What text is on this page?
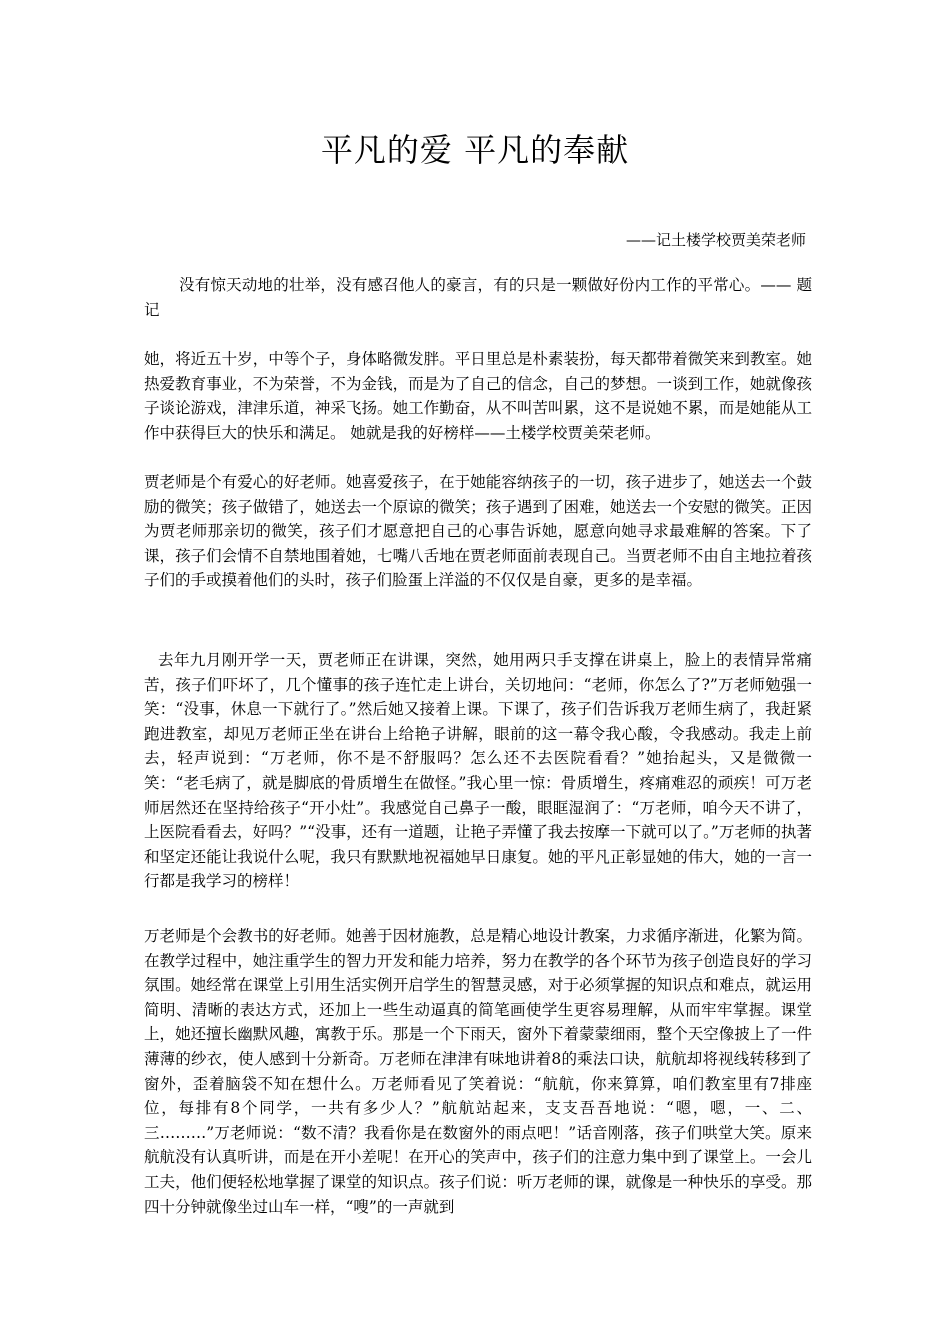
平凡的爱 平凡的奉献

——记土楼学校贾美荣老师

没有惊天动地的壮举，没有感召他人的豪言，有的只是一颗做好份内工作的平常心。—— 题记

她，将近五十岁，中等个子，身体略微发胖。平日里总是朴素装扮，每天都带着微笑来到教室。她热爱教育事业，不为荣誉，不为金钱，而是为了自己的信念，自己的梦想。一谈到工作，她就像孩子谈论游戏，津津乐道，神采飞扬。她工作勤奋，从不叫苦叫累，这不是说她不累，而是她能从工作中获得巨大的快乐和满足。 她就是我的好榜样——土楼学校贾美荣老师。

贾老师是个有爱心的好老师。她喜爱孩子，在于她能容纳孩子的一切，孩子进步了，她送去一个鼓励的微笑；孩子做错了，她送去一个原谅的微笑；孩子遇到了困难，她送去一个安慰的微笑。正因为贾老师那亲切的微笑，孩子们才愿意把自己的心事告诉她，愿意向她寻求最难解的答案。下了课，孩子们会情不自禁地围着她，七嘴八舌地在贾老师面前表现自己。当贾老师不由自主地拉着孩子们的手或摸着他们的头时，孩子们脸蛋上洋溢的不仅仅是自豪，更多的是幸福。

去年九月刚开学一天，贾老师正在讲课，突然，她用两只手支撑在讲桌上，脸上的表情异常痛苦，孩子们吓坏了，几个懂事的孩子连忙走上讲台，关切地问：“老师，你怎么了?”万老师勉强一笑：“没事，休息一下就行了。”然后她又接着上课。下课了，孩子们告诉我万老师生病了，我赶紧跑进教室，却见万老师正坐在讲台上给艳子讲解，眼前的这一幕令我心酸，令我感动。我走上前去，轻声说到：“万老师，你不是不舒服吗？怎么还不去医院看看？”她抬起头，又是微微一笑：“老毛病了，就是脚底的骨质增生在做怪。”我心里一惊：骨质增生，疼痛难忍的顽疾！可万老师居然还在坚持给孩子“开小灶”。我感觉自己鼻子一酸，眼眶湿润了：“万老师，咱今天不讲了，上医院看看去，好吗？”“没事，还有一道题，让艳子弄懂了我去按摩一下就可以了。”万老师的执著和坚定还能让我说什么呢，我只有默默地祝福她早日康复。她的平凡正彰显她的伟大，她的一言一行都是我学习的榜样！

万老师是个会教书的好老师。她善于因材施教，总是精心地设计教案，力求循序渐进，化繁为简。在教学过程中，她注重学生的智力开发和能力培养，努力在教学的各个环节为孩子创造良好的学习氛围。她经常在课堂上引用生活实例开启学生的智慧灵感，对于必须掌握的知识点和难点，就运用简明、清晰的表达方式，还加上一些生动逼真的简笔画使学生更容易理解，从而牢牢掌握。课堂上，她还擅长幽默风趣，寓教于乐。那是一个下雨天，窗外下着蒙蒙细雨，整个天空像披上了一件薄薄的纱衣，使人感到十分新奇。万老师在津津有味地讲着8的乘法口诀，航航却将视线转移到了窗外，歪着脑袋不知在想什么。万老师看见了笑着说：“航航，你来算算，咱们教室里有7排座位，每排有8个同学，一共有多少人？”航航站起来，支支吾吾地说：“嗯，嗯，一、二、三………”万老师说：“数不清？我看你是在数窗外的雨点吧！”话音刚落，孩子们哄堂大笑。原来航航没有认真听讲，而是在开小差呢！在开心的笑声中，孩子们的注意力集中到了课堂上。一会儿工夫，他们便轻松地掌握了课堂的知识点。孩子们说：听万老师的课，就像是一种快乐的享受。那四十分钟就像坐过山车一样，“嗖”的一声就到
